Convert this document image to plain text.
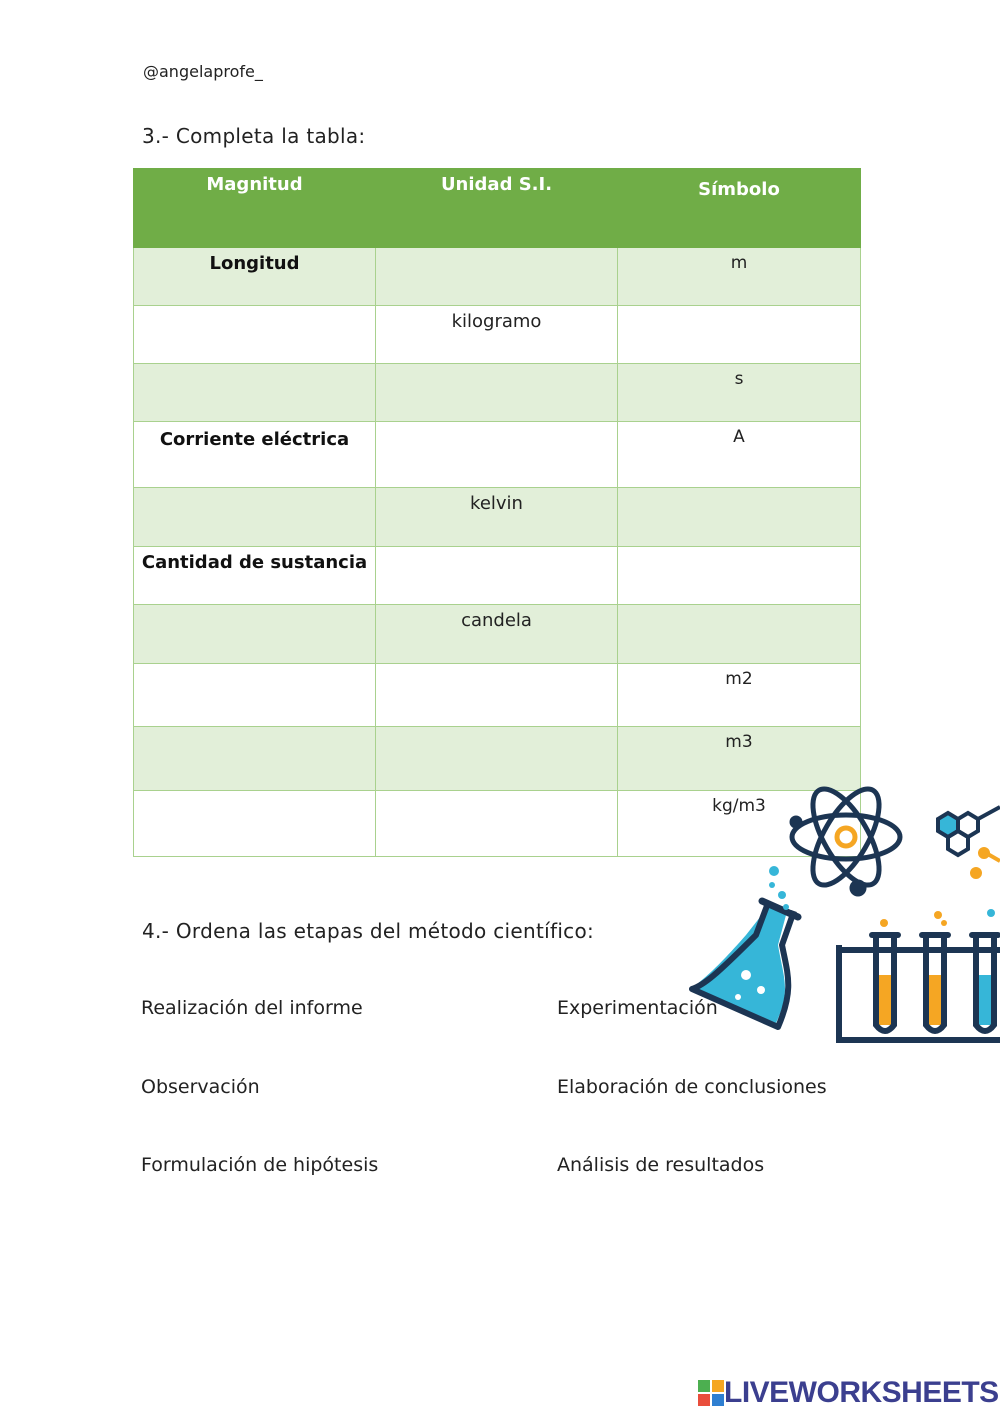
@angelaprofe_
3.- Completa la tabla:
Magnitud	Unidad S.I.	Símbolo
Longitud		m
	kilogramo	
		s
Corriente eléctrica		A
	kelvin	
Cantidad de sustancia		
	candela	
		m2
		m3
		kg/m3
4.- Ordena las etapas del método científico:
Realización del informe	Experimentación
Observación	Elaboración de conclusiones
Formulación de hipótesis	Análisis de resultados
LIVEWORKSHEETS
